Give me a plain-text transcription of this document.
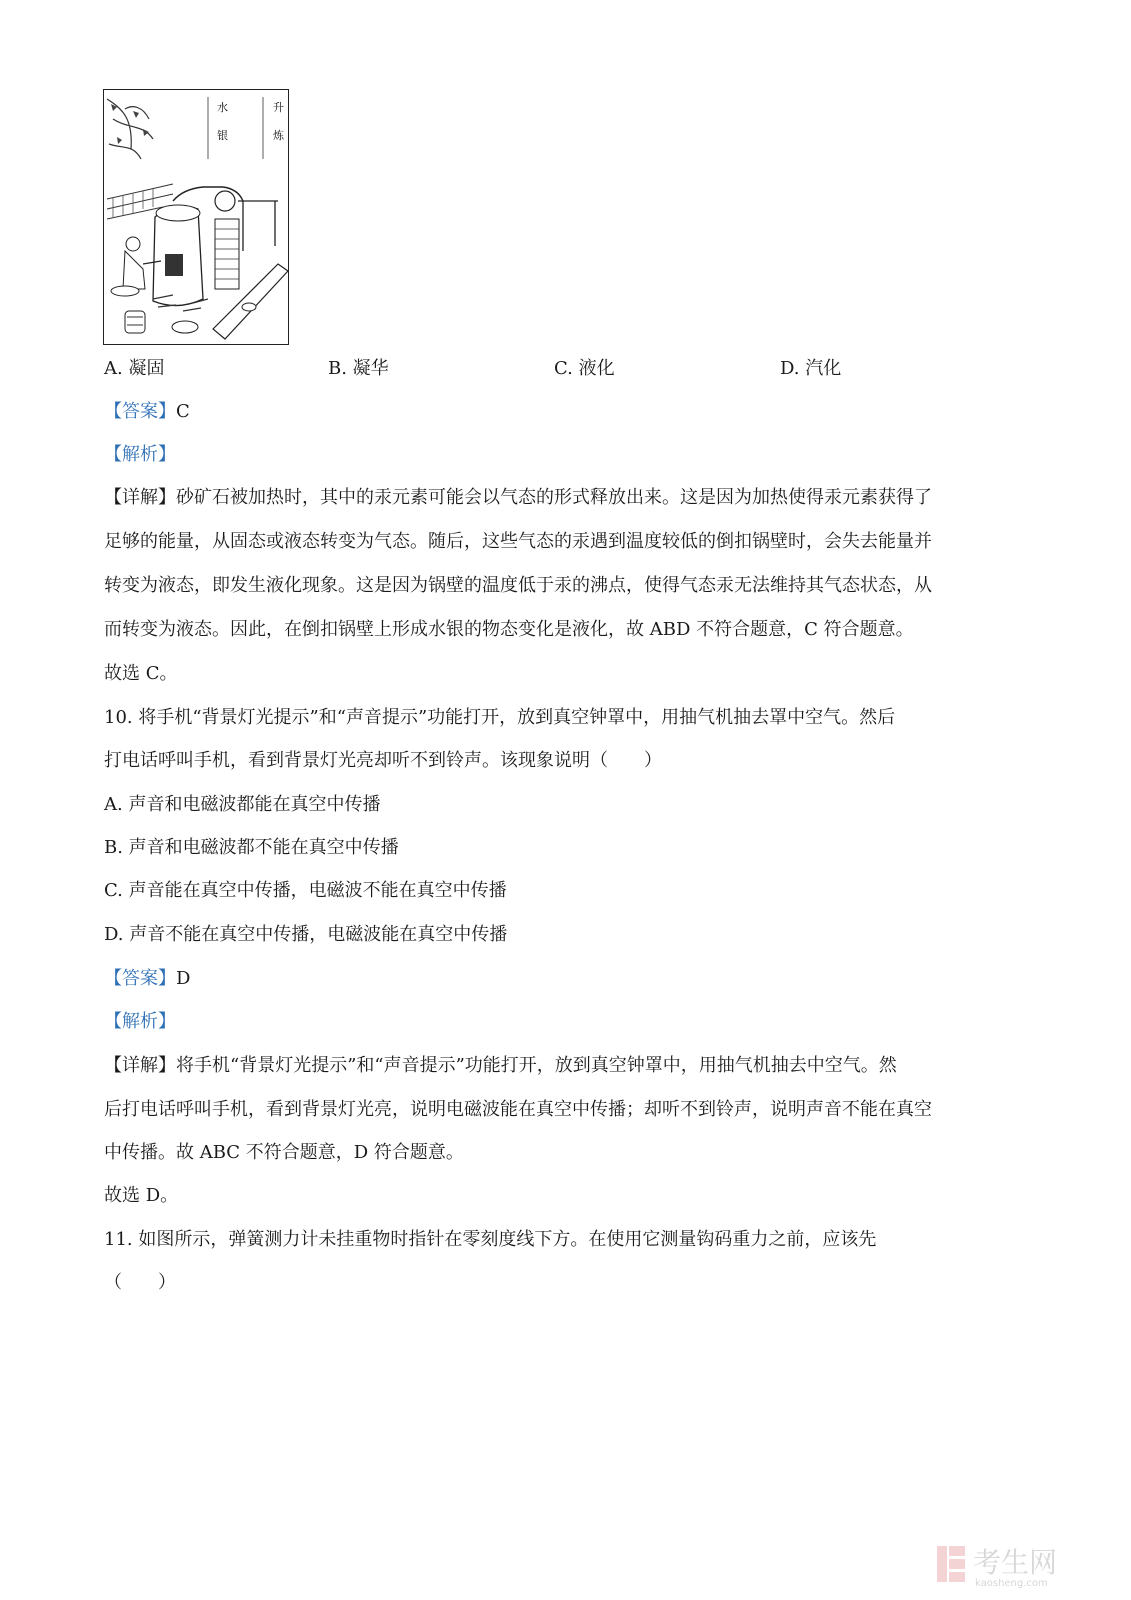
升炼水银
A. 凝固	B. 凝华	C. 液化	D. 汽化
【答案】C
【解析】
【详解】砂矿石被加热时，其中的汞元素可能会以气态的形式释放出来。这是因为加热使得汞元素获得了
足够的能量，从固态或液态转变为气态。随后，这些气态的汞遇到温度较低的倒扣锅壁时，会失去能量并
转变为液态，即发生液化现象。这是因为锅壁的温度低于汞的沸点，使得气态汞无法维持其气态状态，从
而转变为液态。因此，在倒扣锅壁上形成水银的物态变化是液化，故 ABD 不符合题意，C 符合题意。
故选 C。
10. 将手机“背景灯光提示”和“声音提示”功能打开，放到真空钟罩中，用抽气机抽去罩中空气。然后
打电话呼叫手机，看到背景灯光亮却听不到铃声。该现象说明（　　）
A. 声音和电磁波都能在真空中传播
B. 声音和电磁波都不能在真空中传播
C. 声音能在真空中传播，电磁波不能在真空中传播
D. 声音不能在真空中传播，电磁波能在真空中传播
【答案】D
【解析】
【详解】将手机“背景灯光提示”和“声音提示”功能打开，放到真空钟罩中，用抽气机抽去中空气。然
后打电话呼叫手机，看到背景灯光亮，说明电磁波能在真空中传播；却听不到铃声，说明声音不能在真空
中传播。故 ABC 不符合题意，D 符合题意。
故选 D。
11. 如图所示，弹簧测力计未挂重物时指针在零刻度线下方。在使用它测量钩码重力之前，应该先
（　　）
考生网
kaosheng.com
